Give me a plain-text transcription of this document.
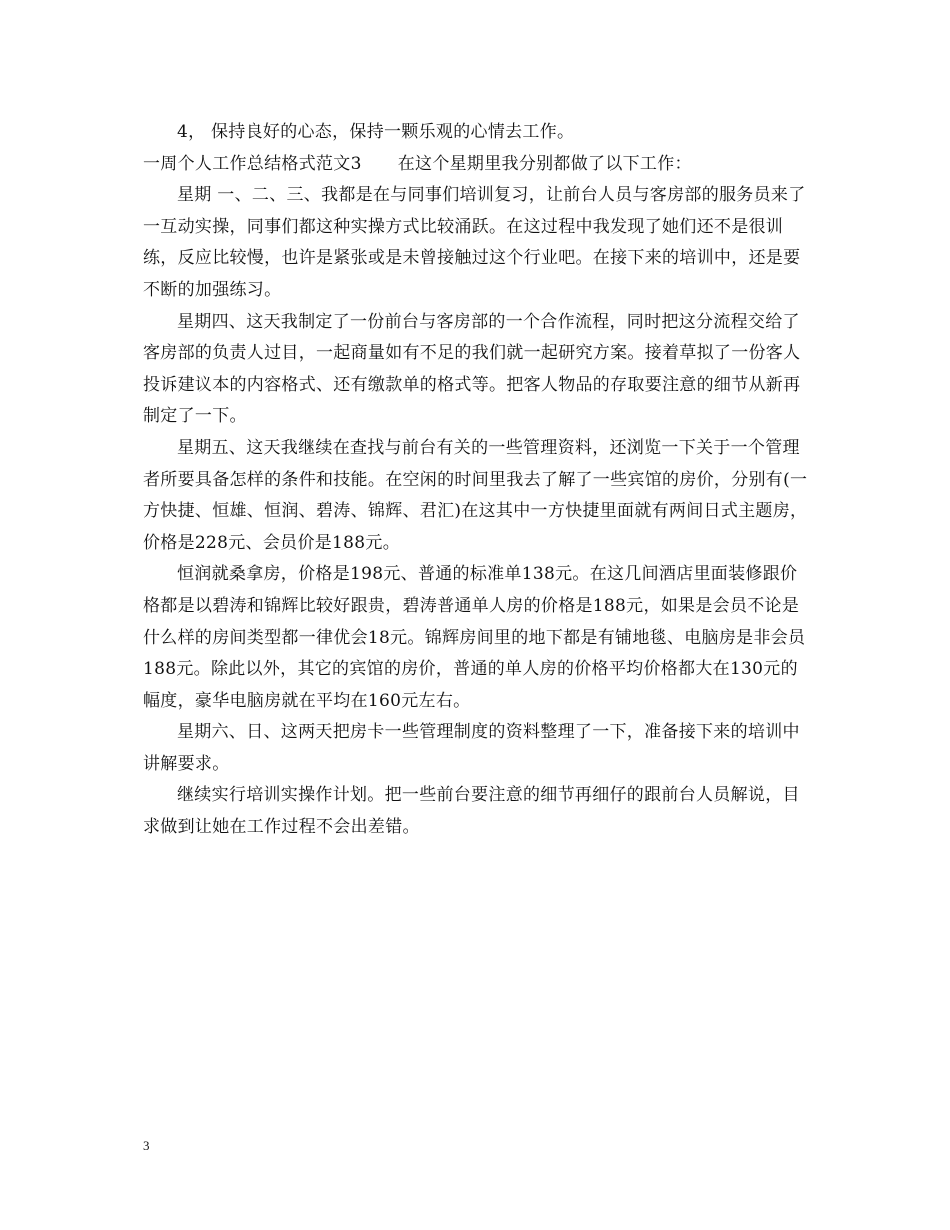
4， 保持良好的心态，保持一颗乐观的心情去工作。

一周个人工作总结格式范文3 在这个星期里我分别都做了以下工作：

星期 一、二、三、我都是在与同事们培训复习，让前台人员与客房部的服务员来了一互动实操，同事们都这种实操方式比较涌跃。在这过程中我发现了她们还不是很训练，反应比较慢，也许是紧张或是未曾接触过这个行业吧。在接下来的培训中，还是要不断的加强练习。

星期四、这天我制定了一份前台与客房部的一个合作流程，同时把这分流程交给了客房部的负责人过目，一起商量如有不足的我们就一起研究方案。接着草拟了一份客人投诉建议本的内容格式、还有缴款单的格式等。把客人物品的存取要注意的细节从新再制定了一下。

星期五、这天我继续在查找与前台有关的一些管理资料，还浏览一下关于一个管理者所要具备怎样的条件和技能。在空闲的时间里我去了解了一些宾馆的房价，分别有(一方快捷、恒雄、恒润、碧涛、锦辉、君汇)在这其中一方快捷里面就有两间日式主题房，价格是228元、会员价是188元。

恒润就桑拿房，价格是198元、普通的标准单138元。在这几间酒店里面装修跟价格都是以碧涛和锦辉比较好跟贵，碧涛普通单人房的价格是188元，如果是会员不论是什么样的房间类型都一律优会18元。锦辉房间里的地下都是有铺地毯、电脑房是非会员188元。除此以外，其它的宾馆的房价，普通的单人房的价格平均价格都大在130元的幅度，豪华电脑房就在平均在160元左右。

星期六、日、这两天把房卡一些管理制度的资料整理了一下，准备接下来的培训中讲解要求。

继续实行培训实操作计划。把一些前台要注意的细节再细仔的跟前台人员解说，目求做到让她在工作过程不会出差错。

3
